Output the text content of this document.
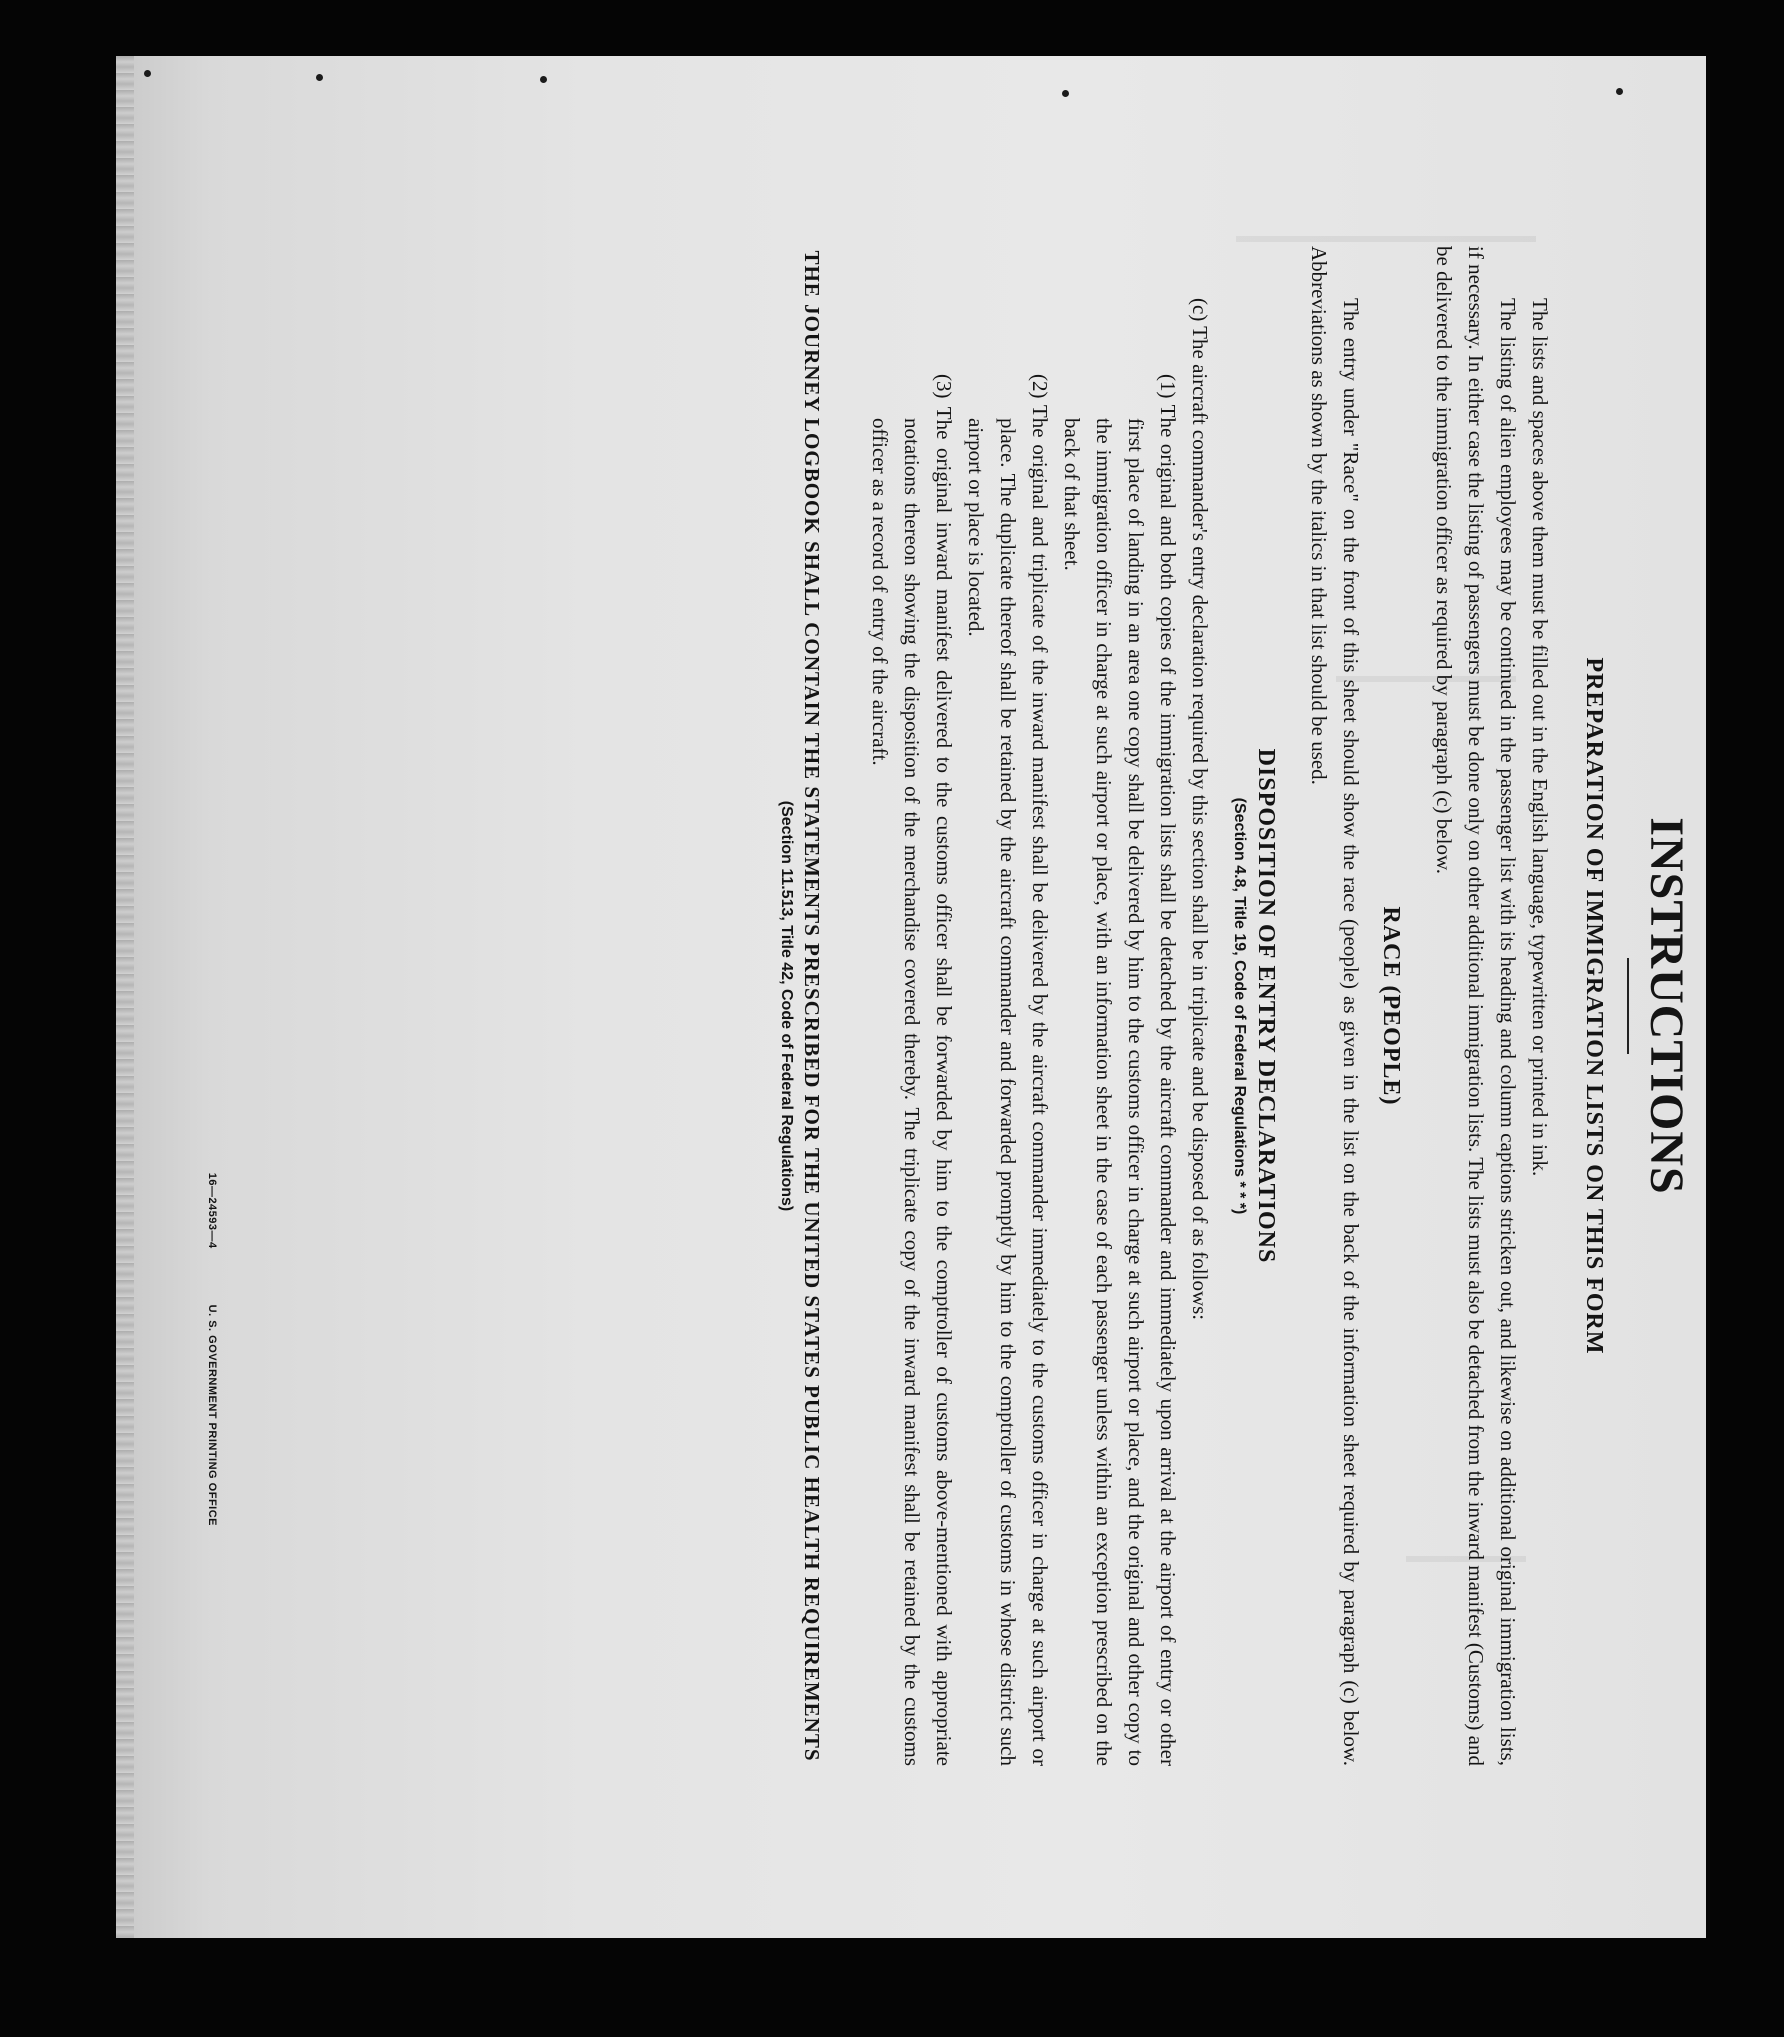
INSTRUCTIONS
PREPARATION OF IMMIGRATION LISTS ON THIS FORM

The lists and spaces above them must be filled out in the English language, typewritten or printed in ink.

The listing of alien employees may be continued in the passenger list with its heading and column captions stricken out, and likewise on additional original immigration lists, if necessary. In either case the listing of passengers must be done only on other additional immigration lists. The lists must also be detached from the inward manifest (Customs) and be delivered to the immigration officer as required by paragraph (c) below.

RACE (PEOPLE)

The entry under "Race" on the front of this sheet should show the race (people) as given in the list on the back of the information sheet required by paragraph (c) below. Abbreviations as shown by the italics in that list should be used.

DISPOSITION OF ENTRY DECLARATIONS
(Section 4.8, Title 19, Code of Federal Regulations * * *)
(c) The aircraft commander's entry declaration required by this section shall be in triplicate and be disposed of as follows:
(1) The original and both copies of the immigration lists shall be detached by the aircraft commander and immediately upon arrival at the airport of entry or other first place of landing in an area one copy shall be delivered by him to the customs officer in charge at such airport or place, and the original and other copy to the immigration officer in charge at such airport or place, with an information sheet in the case of each passenger unless within an exception prescribed on the back of that sheet.
(2) The original and triplicate of the inward manifest shall be delivered by the aircraft commander immediately to the customs officer in charge at such airport or place. The duplicate thereof shall be retained by the aircraft commander and forwarded promptly by him to the comptroller of customs in whose district such airport or place is located.
(3) The original inward manifest delivered to the customs officer shall be forwarded by him to the comptroller of customs above-mentioned with appropriate notations thereon showing the disposition of the merchandise covered thereby. The triplicate copy of the inward manifest shall be retained by the customs officer as a record of entry of the aircraft.
THE JOURNEY LOGBOOK SHALL CONTAIN THE STATEMENTS PRESCRIBED FOR THE UNITED STATES PUBLIC HEALTH REQUIREMENTS
(Section 11.513, Title 42, Code of Federal Regulations)
16—24593—4
U. S. GOVERNMENT PRINTING OFFICE
